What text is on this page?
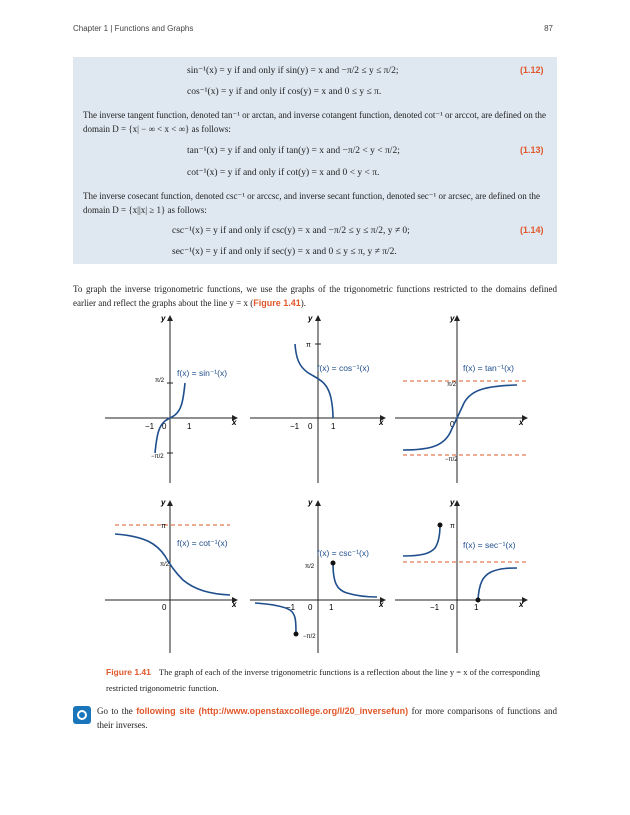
Chapter 1 | Functions and Graphs	87
sin⁻¹(x) = y if and only if sin(y) = x and −π/2 ≤ y ≤ π/2;
cos⁻¹(x) = y if and only if cos(y) = x and 0 ≤ y ≤ π.
(1.12)
The inverse tangent function, denoted tan⁻¹ or arctan, and inverse cotangent function, denoted cot⁻¹ or arccot, are defined on the domain D = {x| − ∞ < x < ∞} as follows:
tan⁻¹(x) = y if and only if tan(y) = x and −π/2 < y < π/2;
cot⁻¹(x) = y if and only if cot(y) = x and 0 < y < π.
(1.13)
The inverse cosecant function, denoted csc⁻¹ or arccsc, and inverse secant function, denoted sec⁻¹ or arcsec, are defined on the domain D = {x||x| ≥ 1} as follows:
csc⁻¹(x) = y if and only if csc(y) = x and −π/2 ≤ y ≤ π/2, y ≠ 0;
sec⁻¹(x) = y if and only if sec(y) = x and 0 ≤ y ≤ π, y ≠ π/2.
(1.14)
To graph the inverse trigonometric functions, we use the graphs of the trigonometric functions restricted to the domains defined earlier and reflect the graphs about the line y = x (Figure 1.41).
x
y
−1 0	1
π/2
−π/2
f(x) = sin⁻¹(x)
x
y
−1 0 1
π
f(x) = cos⁻¹(x)
x
y
0
π/2
−π/2
f(x) = tan⁻¹(x)
x
y
0
π
π/2
f(x) = cot⁻¹(x)
x
y
−1 0 1
π/2
−π/2
f(x) = csc⁻¹(x)
x
y
−1 0 1
π
f(x) = sec⁻¹(x)
Figure 1.41 The graph of each of the inverse trigonometric functions is a reflection about the line y = x of the corresponding restricted trigonometric function.
Go to the following site (http://www.openstaxcollege.org/l/20_inversefun) for more comparisons of functions and their inverses.
